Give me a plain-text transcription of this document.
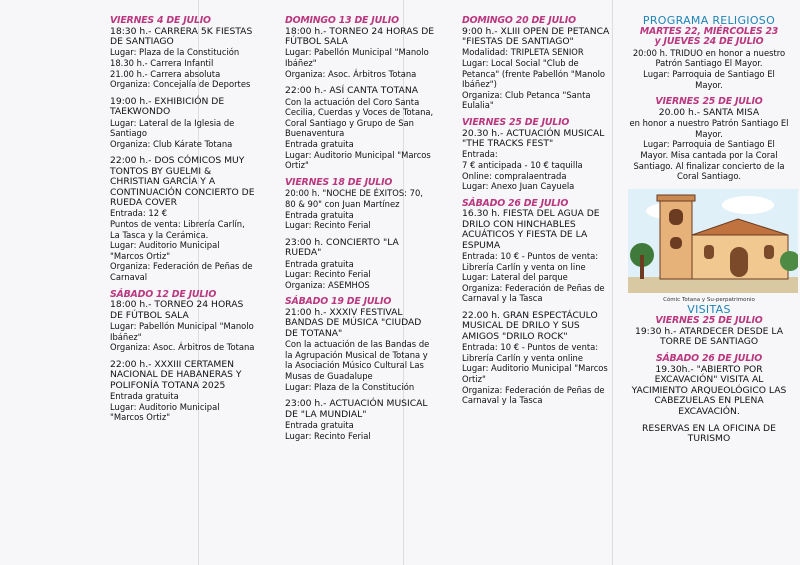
VIERNES 4 DE JULIO

18:30 h.- CARRERA 5K FIESTAS DE SANTIAGO

Lugar: Plaza de la Constitución

18.30 h.- Carrera Infantil

21.00 h.- Carrera absoluta

Organiza: Concejalía de Deportes

19:00 h.- EXHIBICIÓN DE TAEKWONDO

Lugar: Lateral de la Iglesia de Santiago

Organiza: Club Kárate Totana

22:00 h.- DOS CÓMICOS MUY TONTOS BY GUELMI & CHRISTIAN GARCÍA Y A CONTINUACIÓN CONCIERTO DE RUEDA COVER

Entrada: 12 €

Puntos de venta: Librería Carlín, La Tasca y la Cerámica.

Lugar: Auditorio Municipal "Marcos Ortiz"

Organiza: Federación de Peñas de Carnaval

SÁBADO 12 DE JULIO

18:00 h.- TORNEO 24 HORAS DE FÚTBOL SALA

Lugar: Pabellón Municipal "Manolo Ibáñez"

Organiza: Asoc. Árbitros de Totana

22:00 h.- XXXIII CERTAMEN NACIONAL DE HABANERAS Y POLIFONÍA TOTANA 2025

Entrada gratuita

Lugar: Auditorio Municipal "Marcos Ortiz"

DOMINGO 13 DE JULIO

18:00 h.- TORNEO 24 HORAS DE FÚTBOL SALA

Lugar: Pabellón Municipal "Manolo Ibáñez"

Organiza: Asoc. Árbitros Totana

22:00 h.- ASÍ CANTA TOTANA

Con la actuación del Coro Santa Cecilia, Cuerdas y Voces de Totana, Coral Santiago y Grupo de San Buenaventura

Entrada gratuita

Lugar: Auditorio Municipal "Marcos Ortiz"

VIERNES 18 DE JULIO

20:00 h. "NOCHE DE ÉXITOS: 70, 80 & 90" con Juan Martínez

Entrada gratuita

Lugar: Recinto Ferial

23:00 h. CONCIERTO "LA RUEDA"

Entrada gratuita

Lugar: Recinto Ferial

Organiza: ASEMHOS

SÁBADO 19 DE JULIO

21:00 h.- XXXIV FESTIVAL BANDAS DE MÚSICA "CIUDAD DE TOTANA"

Con la actuación de las Bandas de la Agrupación Musical de Totana y la Asociación Músico Cultural Las Musas de Guadalupe

Lugar: Plaza de la Constitución

23:00 h.- ACTUACIÓN MUSICAL DE "LA MUNDIAL"

Entrada gratuita

Lugar: Recinto Ferial

DOMINGO 20 DE JULIO

9:00 h.- XLIII OPEN DE PETANCA "FIESTAS DE SANTIAGO"

Modalidad: TRIPLETA SENIOR

Lugar: Local Social "Club de Petanca" (frente Pabellón "Manolo Ibáñez")

Organiza: Club Petanca "Santa Eulalia"

VIERNES 25 DE JULIO

20.30 h.- ACTUACIÓN MUSICAL "THE TRACKS FEST"

Entrada:

7 € anticipada - 10 € taquilla

Online: compralaentrada

Lugar: Anexo Juan Cayuela

SÁBADO 26 DE JULIO

16.30 h. FIESTA DEL AGUA DE DRILO CON HINCHABLES ACUÁTICOS Y FIESTA DE LA ESPUMA

Entrada: 10 € - Puntos de venta: Librería Carlín y venta on line

Lugar: Lateral del parque

Organiza: Federación de Peñas de Carnaval y la Tasca

22.00 h. GRAN ESPECTÁCULO MUSICAL DE DRILO Y SUS AMIGOS "DRILO ROCK"

Entrada: 10 € - Puntos de venta: Librería Carlín y venta online

Lugar: Auditorio Municipal "Marcos Ortiz"

Organiza: Federación de Peñas de Carnaval y la Tasca

PROGRAMA RELIGIOSO

MARTES 22, MIÉRCOLES 23

y JUEVES 24 DE JULIO

20:00 h. TRIDUO en honor a nuestro Patrón Santiago El Mayor.

Lugar: Parroquia de Santiago El Mayor.

VIERNES 25 DE JULIO

20.00 h.- SANTA MISA

en honor a nuestro Patrón Santiago El Mayor.

Lugar: Parroquia de Santiago El Mayor. Misa cantada por la Coral Santiago. Al finalizar concierto de la Coral Santiago.

Cómic Totana y Su-perpatrimonio

VISITAS

VIERNES 25 DE JULIO

19:30 h.- ATARDECER DESDE LA TORRE DE SANTIAGO

SÁBADO 26 DE JULIO

19.30h.- "ABIERTO POR EXCAVACIÓN" VISITA AL YACIMIENTO ARQUEOLÓGICO LAS CABEZUELAS EN PLENA EXCAVACIÓN.

RESERVAS EN LA OFICINA DE TURISMO
